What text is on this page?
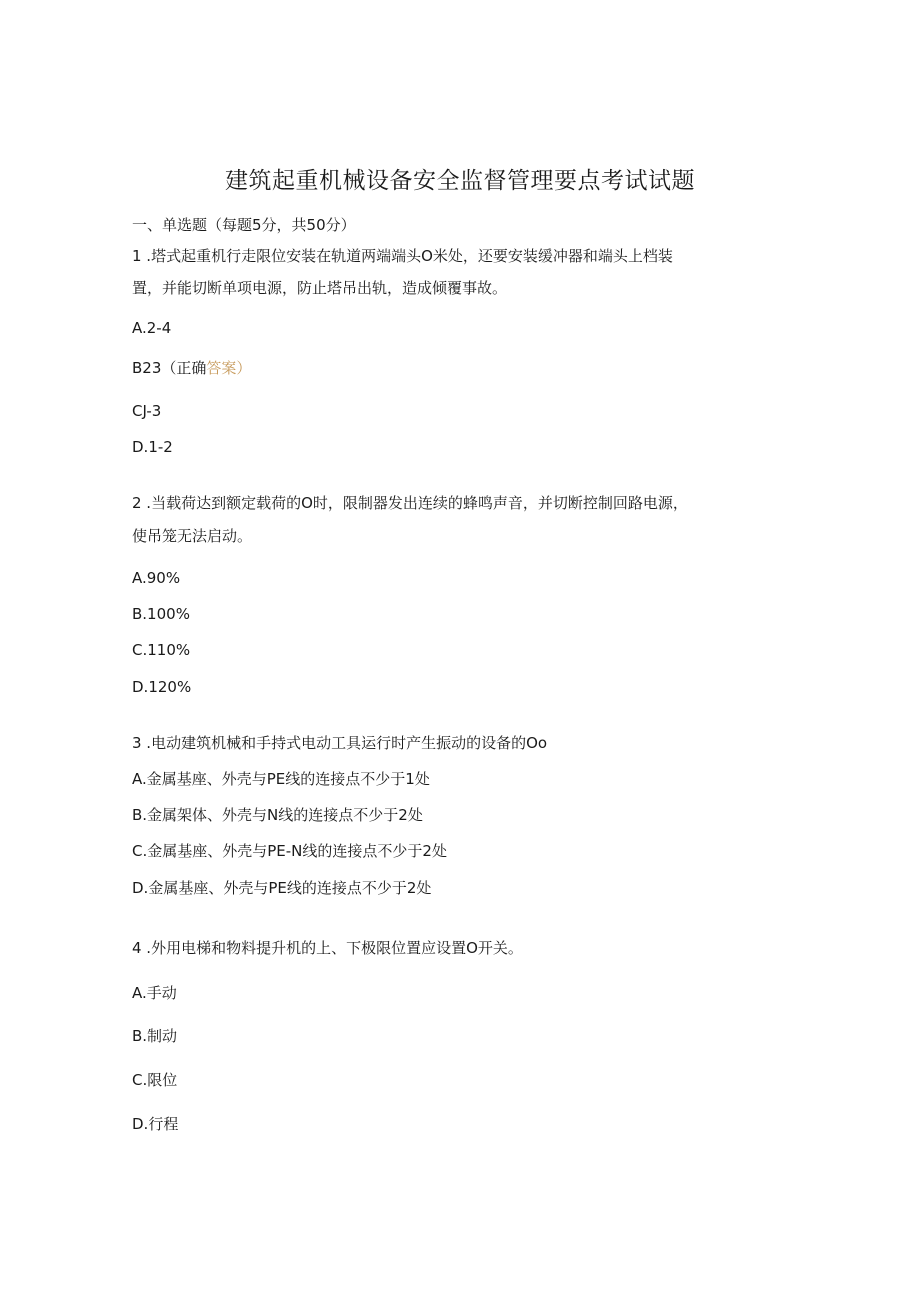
建筑起重机械设备安全监督管理要点考试试题
一、单选题（每题5分，共50分）
1 .塔式起重机行走限位安装在轨道两端端头O米处，还要安装缓冲器和端头上档装
置，并能切断单项电源，防止塔吊出轨，造成倾覆事故。
A.2-4
B23（正确答案）
CJ-3
D.1-2
2 .当载荷达到额定载荷的O时，限制器发出连续的蜂鸣声音，并切断控制回路电源，
使吊笼无法启动。
A.90%
B.100%
C.110%
D.120%
3 .电动建筑机械和手持式电动工具运行时产生振动的设备的Oo
A.金属基座、外壳与PE线的连接点不少于1处
B.金属架体、外壳与N线的连接点不少于2处
C.金属基座、外壳与PE-N线的连接点不少于2处
D.金属基座、外壳与PE线的连接点不少于2处
4 .外用电梯和物料提升机的上、下极限位置应设置O开关。
A.手动
B.制动
C.限位
D.行程
